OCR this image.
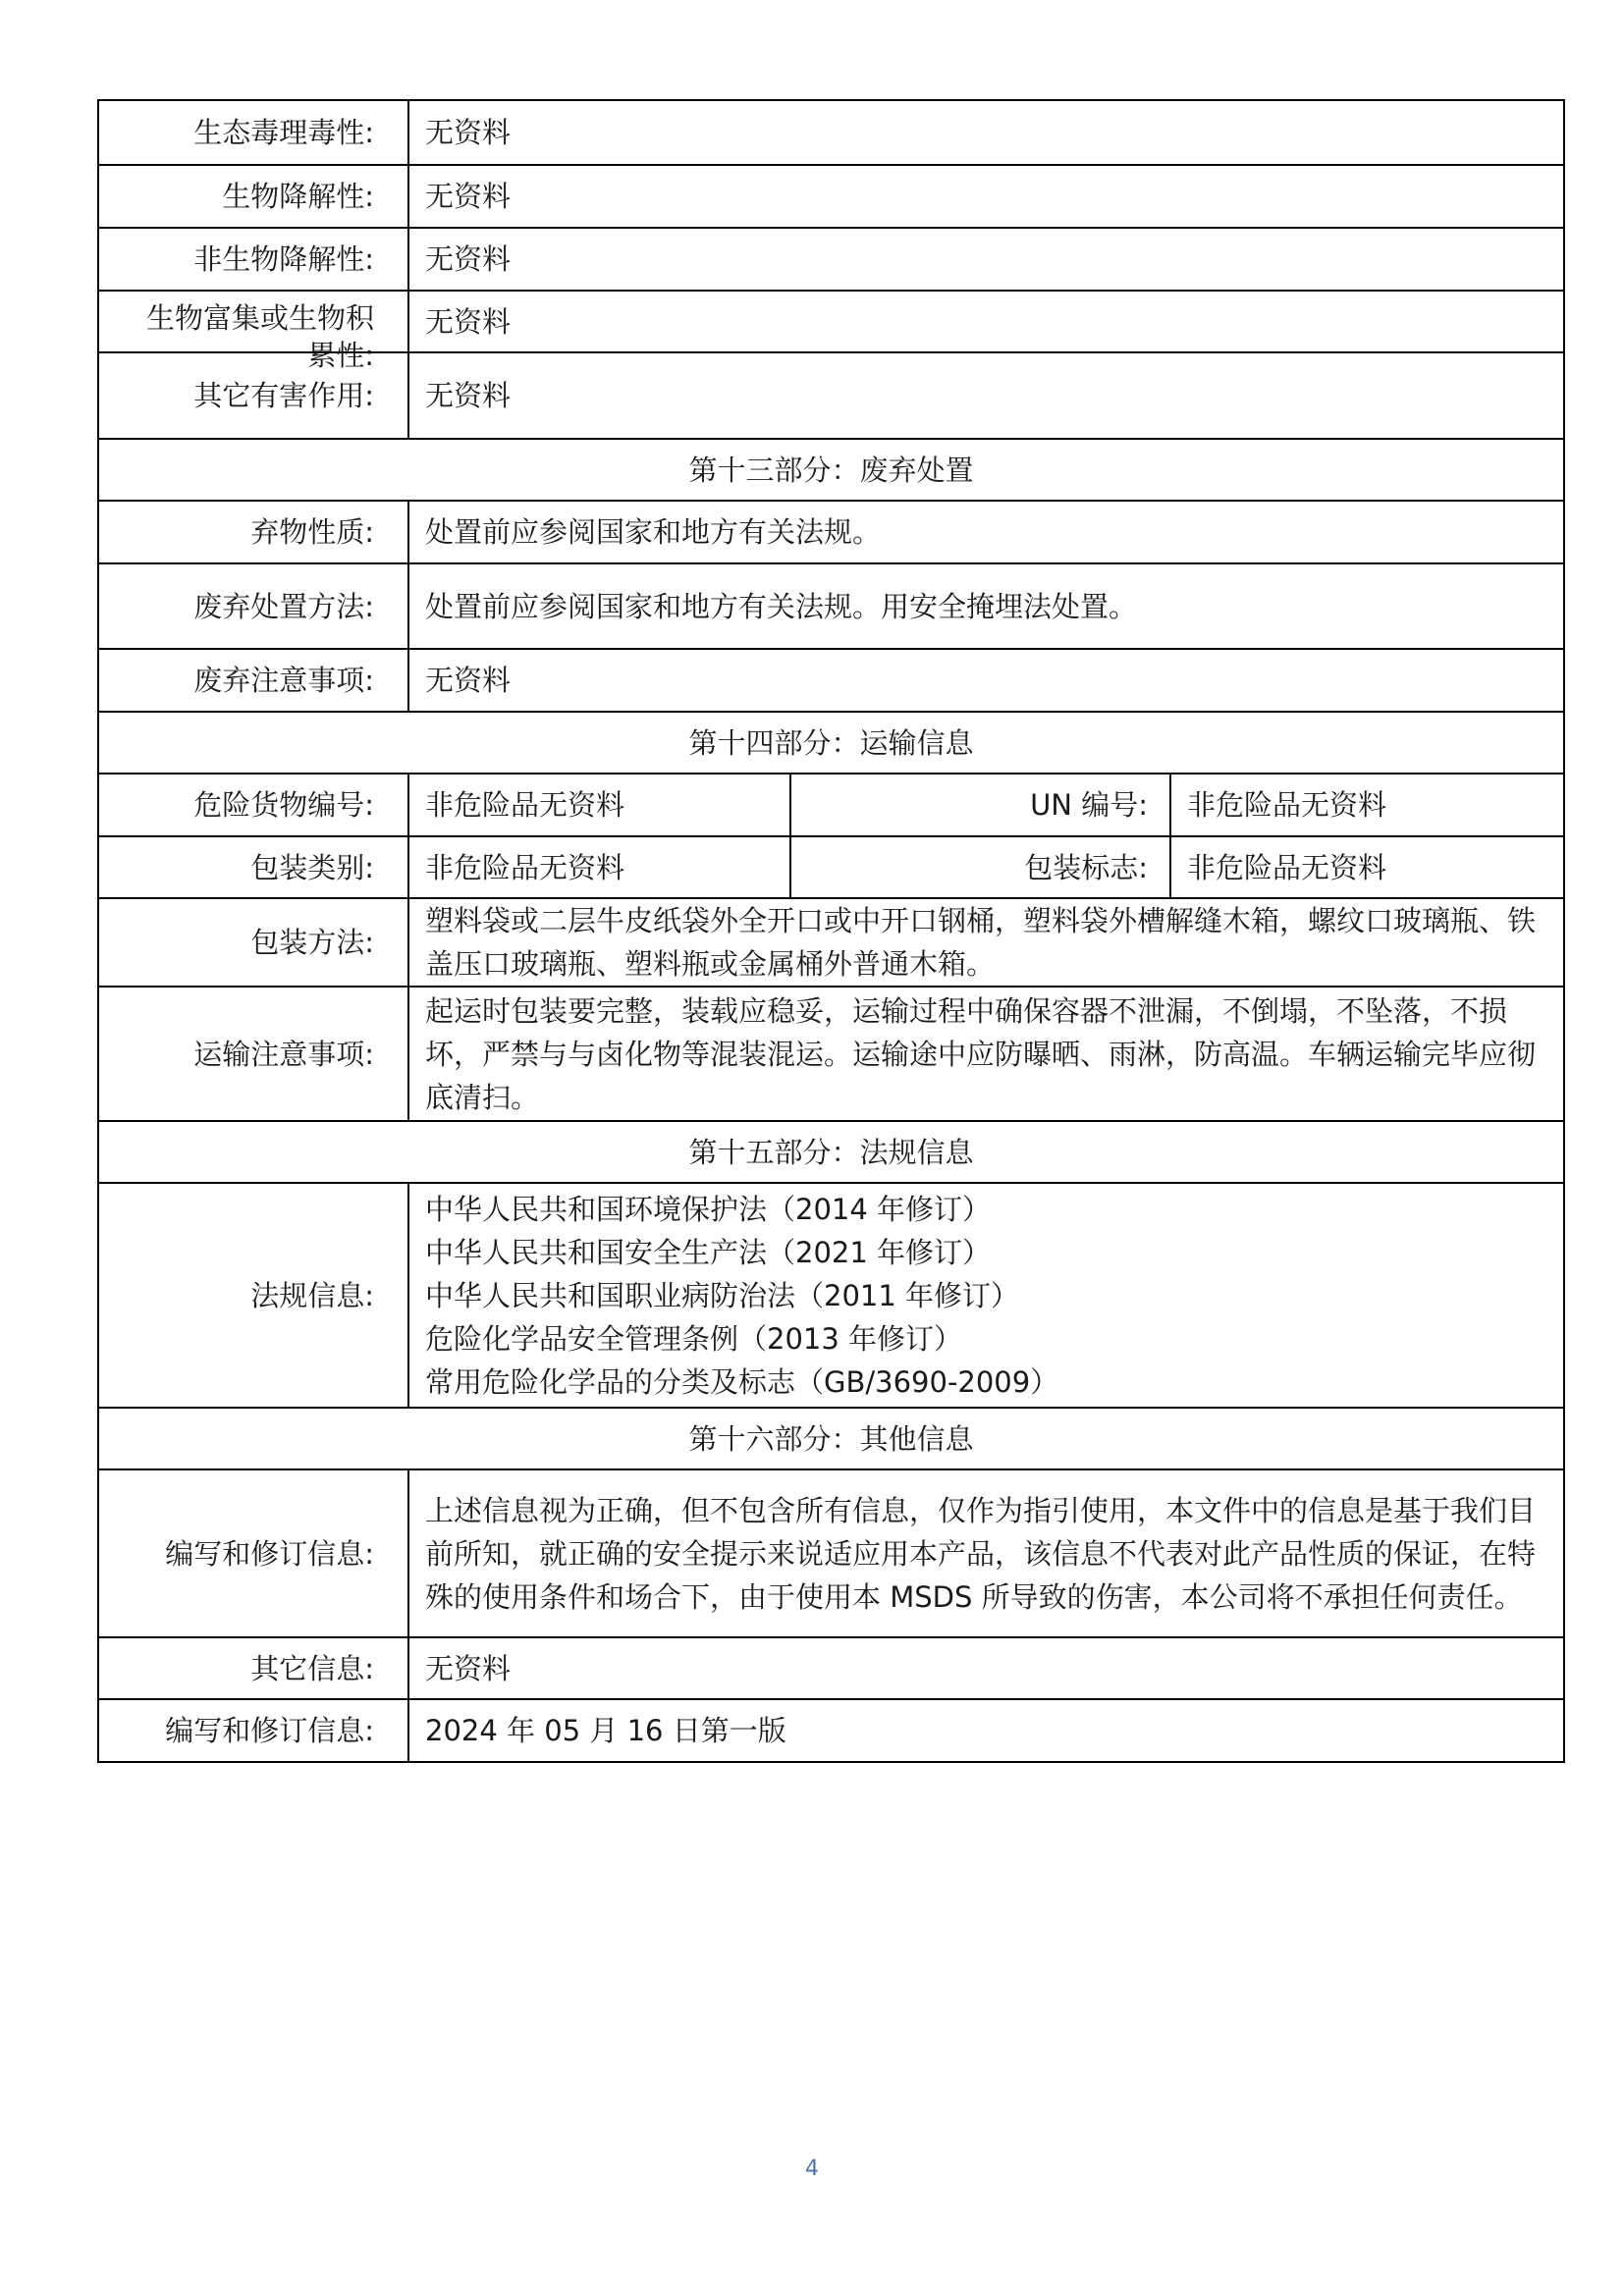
生态毒理毒性:	无资料		
生物降解性:	无资料		
非生物降解性:	无资料		

生物富集或生物积累性:	无资料		
其它有害作用:	无资料		
第十三部分：废弃处置			
弃物性质:	处置前应参阅国家和地方有关法规。		
废弃处置方法:	处置前应参阅国家和地方有关法规。用安全掩埋法处置。		
废弃注意事项:	无资料		
第十四部分：运输信息			
危险货物编号:	非危险品无资料	UN 编号:	非危险品无资料
包装类别:	非危险品无资料	包装标志:	非危险品无资料
包装方法:	塑料袋或二层牛皮纸袋外全开口或中开口钢桶，塑料袋外槽解缝木箱，螺纹口玻璃瓶、铁盖压口玻璃瓶、塑料瓶或金属桶外普通木箱。		
运输注意事项:	起运时包装要完整，装载应稳妥，运输过程中确保容器不泄漏，不倒塌，不坠落，不损坏，严禁与与卤化物等混装混运。运输途中应防曝晒、雨淋，防高温。车辆运输完毕应彻底清扫。		
第十五部分：法规信息			
法规信息:	中华人民共和国环境保护法（2014 年修订）
中华人民共和国安全生产法（2021 年修订）
中华人民共和国职业病防治法（2011 年修订）
危险化学品安全管理条例（2013 年修订）
常用危险化学品的分类及标志（GB/3690-2009）		

第十六部分：其他信息			
编写和修订信息:	上述信息视为正确，但不包含所有信息，仅作为指引使用，本文件中的信息是基于我们目前所知，就正确的安全提示来说适应用本产品，该信息不代表对此产品性质的保证，在特殊的使用条件和场合下，由于使用本 MSDS 所导致的伤害，本公司将不承担任何责任。		
其它信息:	无资料		
编写和修订信息:	2024 年 05 月 16 日第一版		
4
